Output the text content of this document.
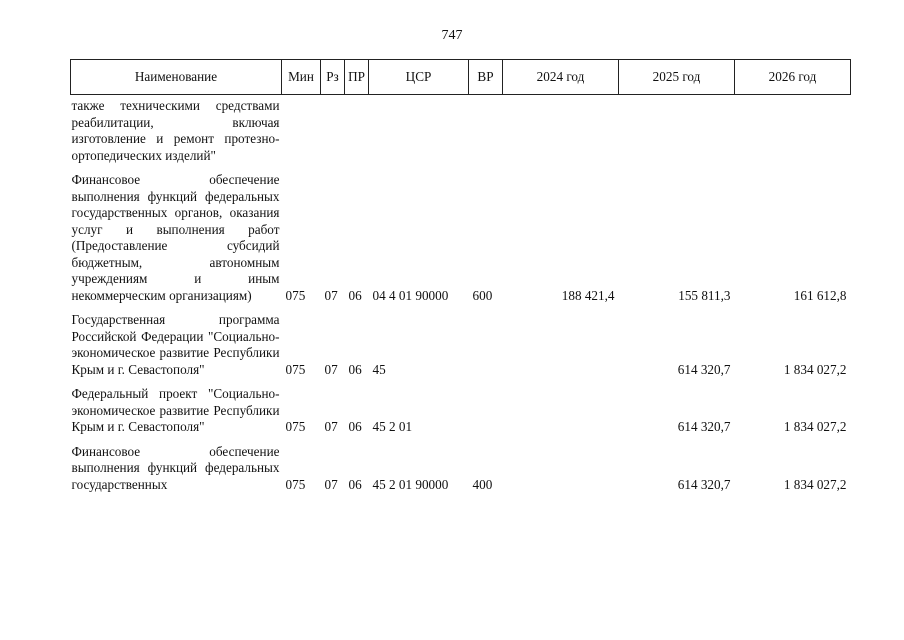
747
Наименование	Мин	Рз	ПР	ЦСР	ВР	2024 год	2025 год	2026 год
также техническими средствами реабилитации, включая изготовление и ремонт протезно-ортопедических изделий"								
Финансовое обеспечение выполнения функций федеральных государственных органов, оказания услуг и выполнения работ (Предоставление субсидий бюджетным, автономным учреждениям и иным некоммерческим организациям)	075	07	06	04 4 01 90000	600	188 421,4	155 811,3	161 612,8
Государственная программа Российской Федерации "Социально-экономическое развитие Республики Крым и г. Севастополя"	075	07	06	45			614 320,7	1 834 027,2
Федеральный проект "Социально-экономическое развитие Республики Крым и г. Севастополя"	075	07	06	45 2 01			614 320,7	1 834 027,2
Финансовое обеспечение выполнения функций федеральных государственных	075	07	06	45 2 01 90000	400		614 320,7	1 834 027,2
